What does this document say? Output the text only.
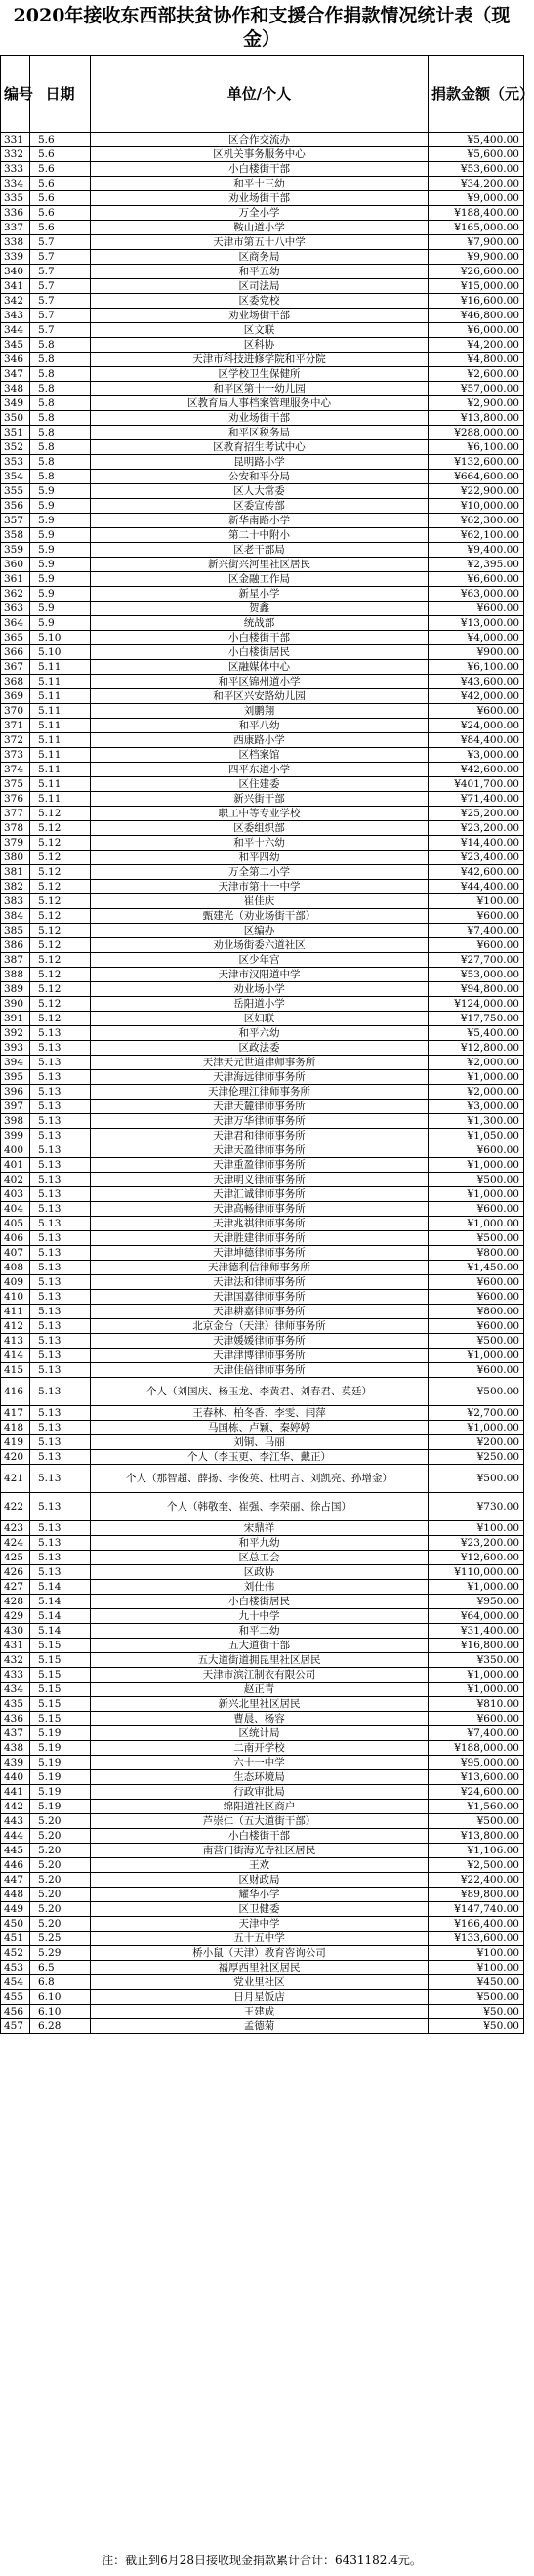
2020年接收东西部扶贫协作和支援合作捐款情况统计表（现金）
编号	日期	单位/个人	捐款金额（元）
331	5.6	区合作交流办	¥5,400.00
332	5.6	区机关事务服务中心	¥5,600.00
333	5.6	小白楼街干部	¥53,600.00
334	5.6	和平十三幼	¥34,200.00
335	5.6	劝业场街干部	¥9,000.00
336	5.6	万全小学	¥188,400.00
337	5.6	鞍山道小学	¥165,000.00
338	5.7	天津市第五十八中学	¥7,900.00
339	5.7	区商务局	¥9,900.00
340	5.7	和平五幼	¥26,600.00
341	5.7	区司法局	¥15,000.00
342	5.7	区委党校	¥16,600.00
343	5.7	劝业场街干部	¥46,800.00
344	5.7	区文联	¥6,000.00
345	5.8	区科协	¥4,200.00
346	5.8	天津市科技进修学院和平分院	¥4,800.00
347	5.8	区学校卫生保健所	¥2,600.00
348	5.8	和平区第十一幼儿园	¥57,000.00
349	5.8	区教育局人事档案管理服务中心	¥2,900.00
350	5.8	劝业场街干部	¥13,800.00
351	5.8	和平区税务局	¥288,000.00
352	5.8	区教育招生考试中心	¥6,100.00
353	5.8	昆明路小学	¥132,600.00
354	5.8	公安和平分局	¥664,600.00
355	5.9	区人大常委	¥22,900.00
356	5.9	区委宣传部	¥10,000.00
357	5.9	新华南路小学	¥62,300.00
358	5.9	第二十中附小	¥62,100.00
359	5.9	区老干部局	¥9,400.00
360	5.9	新兴街兴河里社区居民	¥2,395.00
361	5.9	区金融工作局	¥6,600.00
362	5.9	新星小学	¥63,000.00
363	5.9	贺鑫	¥600.00
364	5.9	统战部	¥13,000.00
365	5.10	小白楼街干部	¥4,000.00
366	5.10	小白楼街居民	¥900.00
367	5.11	区融媒体中心	¥6,100.00
368	5.11	和平区锦州道小学	¥43,600.00
369	5.11	和平区兴安路幼儿园	¥42,000.00
370	5.11	刘鹏翔	¥600.00
371	5.11	和平八幼	¥24,000.00
372	5.11	西康路小学	¥84,400.00
373	5.11	区档案馆	¥3,000.00
374	5.11	四平东道小学	¥42,600.00
375	5.11	区住建委	¥401,700.00
376	5.11	新兴街干部	¥71,400.00
377	5.12	职工中等专业学校	¥25,200.00
378	5.12	区委组织部	¥23,200.00
379	5.12	和平十六幼	¥14,400.00
380	5.12	和平四幼	¥23,400.00
381	5.12	万全第二小学	¥42,600.00
382	5.12	天津市第十一中学	¥44,400.00
383	5.12	崔佳庆	¥100.00
384	5.12	甄建光（劝业场街干部）	¥600.00
385	5.12	区编办	¥7,400.00
386	5.12	劝业场街委六道社区	¥600.00
387	5.12	区少年宫	¥27,700.00
388	5.12	天津市汉阳道中学	¥53,000.00
389	5.12	劝业场小学	¥94,800.00
390	5.12	岳阳道小学	¥124,000.00
391	5.12	区妇联	¥17,750.00
392	5.13	和平六幼	¥5,400.00
393	5.13	区政法委	¥12,800.00
394	5.13	天津天元世道律师事务所	¥2,000.00
395	5.13	天津海远律师事务所	¥1,000.00
396	5.13	天津伦理江律师事务所	¥2,000.00
397	5.13	天津天麓律师事务所	¥3,000.00
398	5.13	天津万华律师事务所	¥1,300.00
399	5.13	天津君和律师事务所	¥1,050.00
400	5.13	天津天盈律师事务所	¥600.00
401	5.13	天津重盈律师事务所	¥1,000.00
402	5.13	天津明义律师事务所	¥500.00
403	5.13	天津汇诚律师事务所	¥1,000.00
404	5.13	天津高畅律师事务所	¥600.00
405	5.13	天津兆祺律师事务所	¥1,000.00
406	5.13	天津胜建律师事务所	¥500.00
407	5.13	天津坤德律师事务所	¥800.00
408	5.13	天津德利信律师事务所	¥1,450.00
409	5.13	天津法和律师事务所	¥600.00
410	5.13	天津国嘉律师事务所	¥600.00
411	5.13	天津耕嘉律师事务所	¥800.00
412	5.13	北京金台（天津）律师事务所	¥600.00
413	5.13	天津媛媛律师事务所	¥500.00
414	5.13	天津津博律师事务所	¥1,000.00
415	5.13	天津佳倍律师事务所	¥600.00
416	5.13	个人（刘国庆、杨玉龙、李黄君、刘春君、莫廷）	¥500.00
417	5.13	王春林、柏冬香、李雯、闫萍	¥2,700.00
418	5.13	马国栋、卢颖、秦婷婷	¥1,000.00
419	5.13	刘铜、马丽	¥200.00
420	5.13	个人（李玉更、李江华、戴正）	¥250.00
421	5.13	个人（那智超、薛扬、李俊英、杜明言、刘凯亮、孙增金）	¥500.00
422	5.13	个人（韩敬奎、崔强、李荣丽、徐占国）	¥730.00
423	5.13	宋鼎祥	¥100.00
424	5.13	和平九幼	¥23,200.00
425	5.13	区总工会	¥12,600.00
426	5.13	区政协	¥110,000.00
427	5.14	刘仕伟	¥1,000.00
428	5.14	小白楼街居民	¥950.00
429	5.14	九十中学	¥64,000.00
430	5.14	和平二幼	¥31,400.00
431	5.15	五大道街干部	¥16,800.00
432	5.15	五大道街道拥昆里社区居民	¥350.00
433	5.15	天津市滨江制衣有限公司	¥1,000.00
434	5.15	赵正青	¥1,000.00
435	5.15	新兴北里社区居民	¥810.00
436	5.15	曹晨、杨容	¥600.00
437	5.19	区统计局	¥7,400.00
438	5.19	二南开学校	¥188,000.00
439	5.19	六十一中学	¥95,000.00
440	5.19	生态环境局	¥13,600.00
441	5.19	行政审批局	¥24,600.00
442	5.19	绵阳道社区商户	¥1,560.00
443	5.20	芦崇仁（五大道街干部）	¥500.00
444	5.20	小白楼街干部	¥13,800.00
445	5.20	南营门街海光寺社区居民	¥1,106.00
446	5.20	王欢	¥2,500.00
447	5.20	区财政局	¥22,400.00
448	5.20	耀华小学	¥89,800.00
449	5.20	区卫健委	¥147,740.00
450	5.20	天津中学	¥166,400.00
451	5.25	五十五中学	¥133,600.00
452	5.29	桥小鼠（天津）教育咨询公司	¥100.00
453	6.5	福厚西里社区居民	¥100.00
454	6.8	党业里社区	¥450.00
455	6.10	日月星饭店	¥500.00
456	6.10	王建成	¥50.00
457	6.28	孟德菊	¥50.00
注：截止到6月28日接收现金捐款累计合计：6431182.4元。
